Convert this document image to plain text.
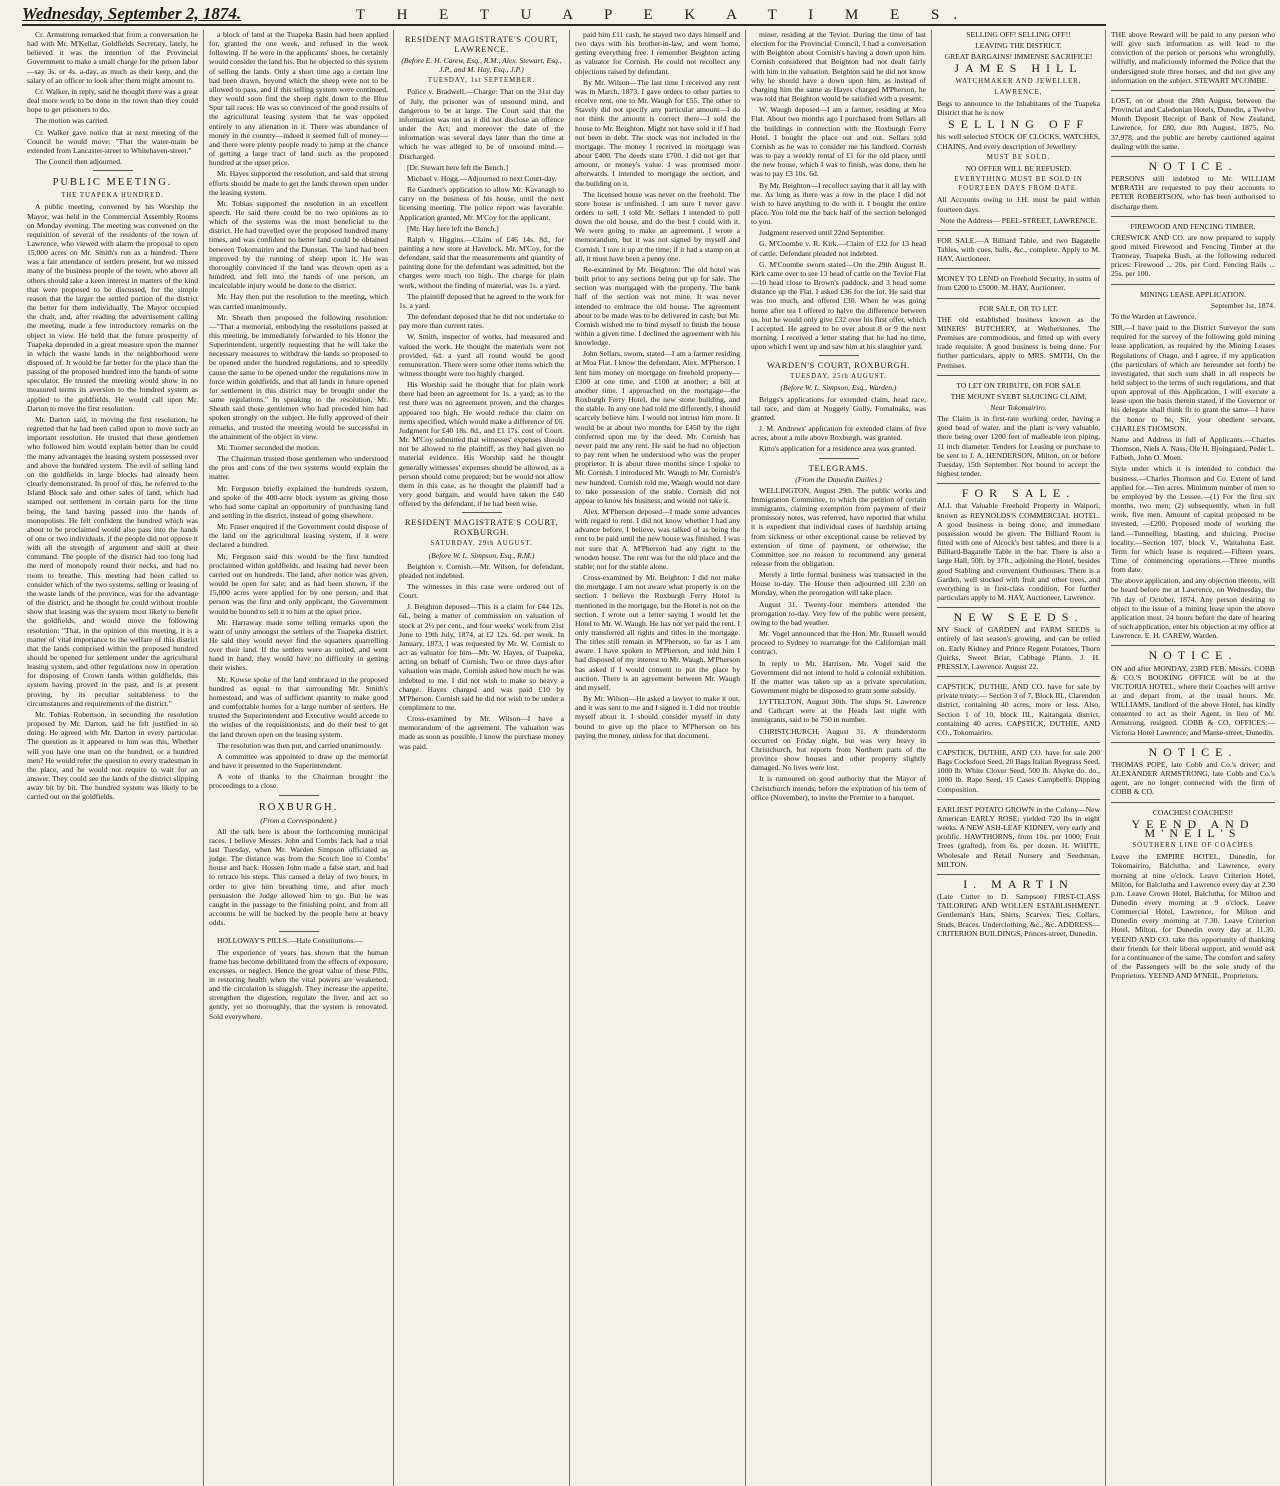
Wednesday, September 2, 1874.	T H E T U A P E K A T I M E S.

Cr. Armstrong remarked that from a conversation he had with Mr. M'Kellar, Goldfields Secretary, lately, he believed it was the intention of the Provincial Government to make a small charge for the prison labor—say 3s. or 4s. a-day, as much as their keep, and the salary of an officer to look after them might amount to.

Cr. Walker, in reply, said he thought there was a great deal more work to be done in the town than they could hope to get prisoners to do.

The motion was carried.

Cr. Walker gave notice that at next meeting of the Council he would move: "That the water-main be extended from Lancaster-street to Whitehaven-street."

The Council then adjourned.

PUBLIC MEETING.
THE TUAPEKA HUNDRED.

A public meeting, convened by his Worship the Mayor, was held in the Commercial Assembly Rooms on Monday evening. The meeting was convened on the requisition of several of the residents of the town of Lawrence, who viewed with alarm the proposal to open 15,000 acres on Mr. Smith's run as a hundred. There was a fair attendance of settlers present, but we missed many of the business people of the town, who above all others should take a keen interest in matters of the kind that were proposed to be discussed, for the simple reason that the larger the settled portion of the district the better for them individually. The Mayor occupied the chair, and, after reading the advertisement calling the meeting, made a few introductory remarks on the object in view. He held that the future prosperity of Tuapeka depended in a great measure upon the manner in which the waste lands in the neighborhood were disposed of. It would be far better for the place than the passing of the proposed hundred into the hands of some speculator. He trusted the meeting would show in no measured terms its aversion to the hundred system as applied to the goldfields. He would call upon Mr. Darton to move the first resolution.

Mr. Darton said, in moving the first resolution, he regretted that he had been called upon to move such an important resolution. He trusted that those gentlemen who followed him would explain better than he could the many advantages the leasing system possessed over and above the hundred system. The evil of selling land on the goldfields in large blocks had already been clearly demonstrated. In proof of this, he referred to the Island Block sale and other sales of land, which had stamped out settlement in certain parts for the time being, the land having passed into the hands of monopolists. He felt confident the hundred which was about to be proclaimed would also pass into the hands of one or two individuals, if the people did not oppose it with all the strength of argument and skill at their command. The people of the district had too long had the nerd of monopoly round their necks, and had no room to breathe. This meeting had been called to consider which of the two systems, selling or leasing of the waste lands of the province, was for the advantage of the district, and he thought he could without trouble show that leasing was the system most likely to benefit the goldfields, and would move the following resolution: "That, in the opinion of this meeting, it is a matter of vital importance to the welfare of this district that the lands comprised within the proposed hundred should be opened for settlement under the agricultural leasing system, and other regulations now in operation for disposing of Crown lands within goldfields, this system having proved in the past, and is at present proving, by its peculiar suitableness to the circumstances and requirements of the district."

Mr. Tobias Robertson, in seconding the resolution proposed by Mr. Darton, said he felt justified in so doing. He agreed with Mr. Darton in every particular. The question as it appeared to him was this, Whether will you have one man on the hundred, or a hundred men? He would refer the question to every tradesman in the place, and he would not require to wait for an answer. They could see the lands of the district slipping away bit by bit. The hundred system was likely to be carried out on the goldfields.

a block of land at the Tuapeka Basin had been applied for, granted the one week, and refused in the week following. If he were in the applicants' shoes, he certainly would consider the land his. But he objected to this system of selling the lands. Only a short time ago a certain line had been drawn, beyond which the sheep were not to be allowed to pass, and if this selling system were continued, they would soon find the sheep right down to the Blue Spur tail races. He was so convinced of the good results of the agricultural leasing system that he was opposed entirely to any alienation in it. There was abundance of money in the country—indeed it seemed full of money—and there were plenty people ready to jump at the chance of getting a large tract of land such as the proposed hundred at the upset price.

Mr. Hayes supported the resolution, and said that strong efforts should be made to get the lands thrown open under the leasing system.

Mr. Tobias supported the resolution in an excellent speech. He said there could be no two opinions as to which of the systems was the most beneficial to the district. He had travelled over the proposed hundred many times, and was confident no better land could be obtained between Tokomairiro and the Dunstan. The land had been improved by the running of sheep upon it. He was thoroughly convinced if the land was thrown open as a hundred, and fell into the hands of one person, an incalculable injury would be done to the district.

Mr. Hay then put the resolution to the meeting, which was carried unanimously.

Mr. Sheath then proposed the following resolution:—"That a memorial, embodying the resolutions passed at this meeting, be immediately forwarded to his Honor the Superintendent, urgently requesting that he will take the necessary measures to withdraw the lands so proposed to be opened under the hundred regulations, and to speedily cause the same to be opened under the regulations now in force within goldfields, and that all lands in future opened for settlement in this district may be brought under the same regulations." In speaking to the resolution, Mr. Sheath said those gentlemen who had preceded him had spoken strongly on the subject. He fully approved of their remarks, and trusted the meeting would be successful in the attainment of the object in view.

Mr. Toomer seconded the motion.

The Chairman trusted those gentlemen who understood the pros and cons of the two systems would explain the matter.

Mr. Ferguson briefly explained the hundreds system, and spoke of the 400-acre block system as giving those who had some capital an opportunity of purchasing land and settling in the district, instead of going elsewhere.

Mr. Fraser enquired if the Government could dispose of the land on the agricultural leasing system, if it were declared a hundred.

Mr. Ferguson said this would be the first hundred proclaimed within goldfields, and leasing had never been carried out on hundreds. The land, after notice was given, would be open for sale; and as had been shown, if the 15,000 acres were applied for by one person, and that person was the first and only applicant, the Government would be bound to sell it to him at the upset price.

Mr. Harraway made some telling remarks upon the want of unity amongst the settlers of the Tuapeka district. He said they would never find the squatters quarrelling over their land. If the settlers were as united, and went hand in hand, they would have no difficulty in getting their wishes.

Mr. Kowse spoke of the land embraced in the proposed hundred as equal to that surrounding Mr. Smith's homestead, and was of sufficient quantity to make good and comfortable homes for a large number of settlers. He trusted the Superintendent and Executive would accede to the wishes of the requisitionists, and do their best to get the land thrown open on the leasing system.

The resolution was then put, and carried unanimously.

A committee was appointed to draw up the memorial and have it presented to the Superintendent.

A vote of thanks to the Chairman brought the proceedings to a close.

ROXBURGH.
(From a Correspondent.)

All the talk here is about the forthcoming municipal races. I believe Messrs. John and Combs Jack had a trial last Tuesday, when Mr. Warden Simpson officiated as judge. The distance was from the Scotch line to Combs' house and back. Hossen John made a false start, and had to retrace his steps. This caused a delay of two hours, in order to give him breathing time, and after much persuasion the Judge allowed him to go. But he was caught in the passage to the finishing point, and from all accounts he will be backed by the people here at heavy odds.

HOLLOWAY'S PILLS.—Hale Constitutions.—

The experience of years has shown that the human frame has become debilitated from the effects of exposure, excesses, or neglect. Hence the great value of these Pills, in restoring health when the vital powers are weakened, and the circulation is sluggish. They increase the appetite, strengthen the digestion, regulate the liver, and act so gently, yet so thoroughly, that the system is renovated. Sold everywhere.

RESIDENT MAGISTRATE'S COURT, LAWRENCE.
(Before E. H. Carew, Esq., R.M., Alex. Stewart, Esq., J.P., and M. Hay, Esq., J.P.)
TUESDAY, 1st SEPTEMBER.

Police v. Bradwell.—Charge: That on the 31st day of July, the prisoner was of unsound mind, and dangerous to be at large. The Court said that the information was not as it did not disclose an offence under the Act; and moreover the date of the information was several days later than the time at which he was alleged to be of unsound mind.—Discharged.

[Dr. Stewart here left the Bench.]

Michael v. Hogg.—Adjourned to next Court-day.

Re Gardner's application to allow Mr. Kavanagh to carry on the business of his house, until the next licensing meeting. The police report was favorable. Application granted, Mr. M'Coy for the applicant.

[Mr. Hay here left the Bench.]

Ralph v. Higgins.—Claim of £46 14s. 8d., for painting a new store at Havelock. Mr. M'Coy, for the defendant, said that the measurements and quantity of painting done for the defendant was admitted, but the charges were much too high. The charge for plain work, without the finding of material, was 1s. a yard.

The plaintiff deposed that he agreed to the work for 1s. a yard.

The defendant deposed that he did not undertake to pay more than current rates.

W. Smith, inspector of works, had measured and valued the work. He thought the materials were not provided, 6d. a yard all round would be good remuneration. There were some other items which the witness thought were too highly charged.

His Worship said he thought that for plain work there had been an agreement for 1s. a yard; as to the rest there was no agreement proven, and the charges appeared too high. He would reduce the claim on items specified, which would make a difference of £6. Judgment for £40 18s. 8d., and £1 17s. cost of Court. Mr. M'Coy submitted that witnesses' expenses should not be allowed to the plaintiff, as they had given no material evidence. His Worship said he thought generally witnesses' expenses should be allowed, as a person should come prepared; but he would not allow them in this case, as he thought the plaintiff had a very good bargain, and would have taken the £40 offered by the defendant, if he had been wise.

RESIDENT MAGISTRATE'S COURT, ROXBURGH.
SATURDAY, 29th AUGUST.
(Before W. L. Simpson, Esq., R.M.)

Beighton v. Cornish.—Mr. Wilson, for defendant, pleaded not indebted.

The witnesses in this case were ordered out of Court.

J. Beighton deposed—This is a claim for £44 12s. 6d., being a matter of commission on valuation of stock at 2½ per cent., and four weeks' work from 21st June to 19th July, 1874, at £2 12s. 6d. per week. In January, 1873, I was requested by Mr. W. Cornish to act as valuator for him—Mr. W. Hayes, of Tuapeka, acting on behalf of Cornish. Two or three days after valuation was made, Cornish asked how much he was indebted to me. I did not wish to make so heavy a charge. Hayes charged and was paid £10 by M'Pherson. Cornish said he did not wish to be under a compliment to me.

Cross-examined by Mr. Wilson—I have a memorandum of the agreement. The valuation was made as soon as possible. I know the purchase money was paid.

paid him £11 cash, he stayed two days himself and two days with his brother-in-law, and went home, getting everything free. I remember Beighton acting as valuator for Cornish. He could not recollect any objections raised by defendant.

By Mr. Wilson—The last time I received any rent was in March, 1873. I gave orders to other parties to receive rent, one to Mr. Waugh for £55. The other to Stavely did not specify any particular amount—I do not think the amount is correct there—I sold the house to Mr. Beighton. Might not have sold it if I had not been in debt. The stock was not included in the mortgage. The money I received in mortgage was about £400. The deeds state £700. I did not get that amount, or money's value. I was promised more afterwards. I intended to mortgage the section, and the building on it.

The licensed house was never on the freehold. The store house is unfinished. I am sure I never gave orders to sell. I told Mr. Sellars I intended to pull down the old house, and do the best I could with it. We were going to make an agreement. I wrote a memorandum, but it was not signed by myself and Cornish. I tore it up at the time; if it had a stamp on at all, it must have been a penny one.

Re-examined by Mr. Beighton: The old hotel was built prior to any sections being put up for sale. The section was mortgaged with the property. The bank half of the section was not mine. It was never intended to embrace the old house. The agreement about to be made was to be delivered in cash; but Mr. Cornish wished me to bind myself to finish the house within a given time. I declined the agreement with his knowledge.

John Sellars, sworn, stated—I am a farmer residing at Moa Flat. I know the defendant, Alex. M'Pherson. I lent him money on mortgage on freehold property—£300 at one time, and £100 at another; a bill at another time. I approached on the mortgage—the Roxburgh Ferry Hotel, the new stone building, and the stable. In any one had told me differently, I should scarcely believe him. I would not intrust him more. It would be at about two months for £450 by the right conferred upon me by the deed. Mr. Cornish has never paid me any rent. He said he had no objection to pay rent when he understood who was the proper proprietor. It is about three months since I spoke to Mr. Cornish. I introduced Mr. Waugh to Mr. Cornish's new hundred. Cornish told me, Waugh would not dare to take possession of the stable. Cornish did not appear to know his business, and would not take it.

Alex. M'Pherson deposed—I made some advances with regard to rent. I did not know whether I had any advance before. I believe, was talked of as being the rent to be paid until the new house was finished. I was not sure that A. M'Pherson had any right to the wooden house. The rent was for the old place and the stable; not for the stable alone.

Cross-examined by Mr. Beighton: I did not make the mortgage. I am not aware what property is on the section. I believe the Roxburgh Ferry Hotel is mentioned in the mortgage, but the Hotel is not on the section. I wrote out a letter saying I would let the Hotel to Mr. W. Waugh. He has not yet paid the rent. I only transferred all rights and titles in the mortgage. The titles still remain in M'Pherson, so far as I am aware. I have spoken to M'Pherson, and told him I had disposed of my interest to Mr. Waugh. M'Pherson has asked if I would consent to put the place by auction. There is an agreement between Mr. Waugh and myself.

By Mr. Wilson—He asked a lawyer to make it out, and it was sent to me and I signed it. I did not trouble myself about it. I should consider myself in duty bound to give up the place to M'Pherson on his paying the money, unless for that document.

miner, residing at the Teviot. During the time of last election for the Provincial Council, I had a conversation with Beighton about Cornish's having a down upon him. Cornish considered that Beighton had not dealt fairly with him in the valuation. Beighton said he did not know why he should have a down upon him, as instead of charging him the same as Hayes charged M'Pherson, he was told that Beighton would be satisfied with a present.

W. Waugh deposed—I am a farmer, residing at Moa Flat. About two months ago I purchased from Sellars all the buildings in connection with the Roxburgh Ferry Hotel. I bought the place out and out. Sellars told Cornish as he was to consider me his landlord. Cornish was to pay a weekly rental of £1 for the old place, until the new house, which I was to finish, was done, then he was to pay £3 10s. 6d.

By Mr. Beighton—I recollect saying that it all lay with me. As long as there was a row in the place I did not wish to have anything to do with it. I bought the entire place. You told me the back half of the section belonged to you.

Judgment reserved until 22nd September.

G. M'Coombe v. R. Kirk.—Claim of £32 for 13 head of cattle. Defendant pleaded not indebted.

G. M'Coombe sworn stated—On the 29th August R. Kirk came over to see 13 head of cattle on the Teviot Flat—10 head close to Brown's paddock, and 3 head some distance up the Flat. I asked £36 for the lot. He said that was too much, and offered £30. When he was going home after tea I offered to halve the difference between us, but he would only give £32 over his first offer, which I accepted. He agreed to be over about 8 or 9 the next morning. I received a letter stating that he had no time, upon which I went up and saw him at his slaughter yard.

WARDEN'S COURT, ROXBURGH.
TUESDAY, 25th AUGUST.
(Before W. L. Simpson, Esq., Warden.)

Briggs's applications for extended claim, head race, tail race, and dam at Nuggety Gully, Fomalnaks, was granted.

J. M. Andrews' application for extended claim of five acres, about a mile above Roxburgh, was granted.

Kitto's application for a residence area was granted.

TELEGRAMS.
(From the Dunedin Dailies.)

WELLINGTON, August 29th. The public works and Immigration Committee, to which the petition of certain immigrants, claiming exemption from payment of their promissory notes, was referred, have reported that whilst it is expedient that individual cases of hardship arising from sickness or other exceptional cause be relieved by extension of time of payment, or otherwise, the Committee see no reason to recommend any general release from the obligation.

Merely a little formal business was transacted in the House to-day. The House then adjourned till 2.30 on Monday, when the prorogation will take place.

August 31. Twenty-four members attended the prorogation to-day. Very few of the public were present, owing to the bad weather.

Mr. Vogel announced that the Hon. Mr. Russell would proceed to Sydney to rearrange for the Californian mail contract.

In reply to Mr. Harrison, Mr. Vogel said the Government did not intend to hold a colonial exhibition. If the matter was taken up as a private speculation, Government might be disposed to grant some subsidy.

LYTTELTON, August 30th. The ships St. Lawrence and Cathcart were at the Heads last night with immigrants, said to be 750 in number.

CHRISTCHURCH, August 31. A thunderstorm occurred on Friday night, but was very heavy in Christchurch, but reports from Northern parts of the province show houses and other property slightly damaged. No lives were lost.

It is rumoured on good authority that the Mayor of Christchurch intends, before the expiration of his term of office (November), to invite the Premier to a banquet.

SELLING OFF! SELLING OFF!!
LEAVING THE DISTRICT.
GREAT BARGAINS! IMMENSE SACRIFICE!
JAMES HILL
WATCHMAKER AND JEWELLER,
LAWRENCE,

Begs to announce to the Inhabitants of the Tuapeka District that he is now

SELLING OFF

his well selected STOCK OF CLOCKS, WATCHES, CHAINS, And every description of Jewellery.

MUST BE SOLD.
NO OFFER WILL BE REFUSED.
EVERYTHING MUST BE SOLD IN FOURTEEN DAYS FROM DATE.

All Accounts owing to J.H. must be paid within fourteen days.

Note the Address— PEEL-STREET, LAWRENCE.

FOR SALE.—A Billiard Table, and two Bagatelle Tables, with cues, balls, &c., complete. Apply to M. HAY, Auctioneer.

MONEY TO LEND on Freehold Security, in sums of from £200 to £5000. M. HAY, Auctioneer.

FOR SALE, OR TO LET.

THE old established business known as the MINERS' BUTCHERY, at Wetherstones. The Premises are commodious, and fitted up with every trade requisite. A good business is being done. For further particulars, apply to MRS. SMITH, On the Premises.

TO LET ON TRIBUTE, OR FOR SALE
THE MOUNT SYEBT SLUICING CLAIM,
Near Tokomairiro.

The Claim is in first-rate working order, having a good head of water, and the plant is very valuable, there being over 1200 feet of malleable iron piping, 11 inch diameter. Tenders for Leasing or purchase to be sent to J. A. HENDERSON, Milton, on or before Tuesday, 15th September. Not bound to accept the highest tender.

FOR SALE.

ALL that Valuable Freehold Property in Waipori, known as REYNOLDS'S COMMERCIAL HOTEL. A good business is being done, and immediate possession would be given. The Billiard Room is fitted with one of Alcock's best tables, and there is a Billiard-Bagatelle Table in the bar. There is also a large Hall, 50ft. by 37ft., adjoining the Hotel, besides good Stabling and convenient Outhouses. There is a Garden, well stocked with fruit and other trees, and everything is in first-class condition. For further particulars apply to M. HAY, Auctioneer, Lawrence.

NEW SEEDS.

MY Stock of GARDEN and FARM SEEDS is entirely of last season's growing, and can be relied on. Early Kidney and Prince Regent Potatoes, Thorn Quicks, Sweet Briar, Cabbage Plants. J. H. PRESSLY, Lawrence. August 22.

CAPSTICK, DUTHIE, AND CO. have for sale by private treaty:— Section 3 of 7, Block III., Clarendon district, containing 40 acres, more or less. Also, Section 1 of 10, block III., Kaitangata district, containing 40 acres. CAPSTICK, DUTHIE, AND CO., Tokomairiro.

CAPSTICK, DUTHIE, AND CO. have for sale 200 Bags Cocksfoot Seed, 20 Bags Italian Ryegrass Seed, 1000 lb. White Clover Seed, 500 lb. Alsyke do. do., 1000 lb. Rape Seed, 15 Cases Campbell's Dipping Composition.

EARLIEST POTATO GROWN in the Colony—New American EARLY ROSE; yielded 720 lbs in eight weeks. A NEW ASH-LEAF KIDNEY, very early and prolific. HAWTHORNS, from 10s. per 1000; Fruit Trees (grafted), from 6s. per dozen. H. WHITE, Wholesale and Retail Nursery and Seedsman, MILTON.

I. MARTIN

(Late Cutter to D. Sampson) FIRST-CLASS TAILORING AND WOLLEN ESTABLISHMENT. Gentleman's Hats, Shirts, Scarves, Ties, Collars, Studs, Braces. Underclothing, &c., &c. ADDRESS— CRITERION BUILDINGS, Princes-street, Dunedin.

THE above Reward will be paid to any person who will give such information as will lead to the conviction of the person or persons who wrongfully, wilfully, and maliciously informed the Police that the undersigned stole three horses, and did not give any information on the subject. STEWART M'COMBE.

LOST, on or about the 28th August, between the Provincial and Caledonian Hotels, Dunedin, a Twelve Month Deposit Receipt of Bank of New Zealand, Lawrence, for £80, due 8th August, 1875, No. 37,978, and the public are hereby cautioned against dealing with the same.

NOTICE.

PERSONS still indebted to Mr. WILLIAM M'BRATH are requested to pay their accounts to PETER ROBERTSON, who has been authorised to discharge them.

FIREWOOD AND FENCING TIMBER.

CRESWICK AND CO. are now prepared to supply good mixed Firewood and Fencing Timber at the Tramway, Tuapeka Bush, at the following reduced prices: Firewood ... 20s. per Cord. Fencing Rails ... 25s. per 100.

MINING LEASE APPLICATION.
September 1st, 1874.

To the Warden at Lawrence.

SIR,—I have paid to the District Surveyor the sum required for the survey of the following gold mining lease application, as required by the Mining Leases Regulations of Otago, and I agree, if my application (the particulars of which are hereunder set forth) be investigated, that such sum shall in all respects be held subject to the terms of such regulations, and that upon approval of this Application, I will execute a lease upon the basis therein stated, if the Governor or his delegate shall think fit to grant the same—I have the honor to be, Sir, your obedient servant, CHARLES THOMSON.

Name and Address in full of Applicants.—Charles Thomson, Niels A. Nass, Ole H. Bjoingaard, Peder L. Falbeth, John O. Moen.

Style under which it is intended to conduct the business.—Charles Thomson and Co. Extent of land applied for.—Ten acres. Minimum number of men to be employed by the Lessee.—(1) For the first six months, two men; (2) subsequently, when in full work, five men. Amount of capital proposed to be invested, —£200. Proposed mode of working the land.—Tunnelling, blasting, and sluicing. Precise locality.—Section 107, block V., Waitahuna East. Term for which lease is required.—Fifteen years. Time of commencing operations.—Three months from date.

The above application, and any objection thereto, will be heard before me at Lawrence, on Wednesday, the 7th day of October, 1874. Any person desiring to object to the issue of a mining lease upon the above application must, 24 hours before the date of hearing of such application, enter his objection at my office at Lawrence. E. H. CAREW, Warden.

NOTICE.

ON and after MONDAY, 23RD FEB. Messrs. COBB & CO.'S BOOKING OFFICE will be at the VICTORIA HOTEL, where their Coaches will arrive at and depart from, at the usual hours. Mr. WILLIAMS, landlord of the above Hotel, has kindly consented to act as their Agent, in lieu of Mr. Armstrong, resigned. COBB & CO. OFFICES:—Victoria Hotel Lawrence; and Manse-street, Dunedin.

NOTICE.

THOMAS POPE, late Cobb and Co.'s driver; and ALEXANDER ARMSTRONG, late Cobb and Co.'s agent, are no longer connected with the firm of COBB & CO.

COACHES! COACHES!!
YEEND AND M'NEIL'S
SOUTHERN LINE OF COACHES

Leave the EMPIRE HOTEL, Dunedin, for Tokomairiro, Balclutha, and Lawrence, every morning at nine o'clock. Leave Criterion Hotel, Milton, for Balclutha and Lawrence every day at 2.30 p.m. Leave Crown Hotel, Balclutha, for Milton and Dunedin every morning at 9 o'clock. Leave Commercial Hotel, Lawrence, for Milton and Dunedin every morning at 7.30. Leave Criterion Hotel, Milton, for Dunedin every day at 11.30. YEEND AND CO. take this opportunity of thanking their friends for their liberal support, and would ask for a continuance of the same. The comfort and safety of the Passengers will be the sole study of the Proprietors. YEEND AND M'NEIL, Proprietors.
